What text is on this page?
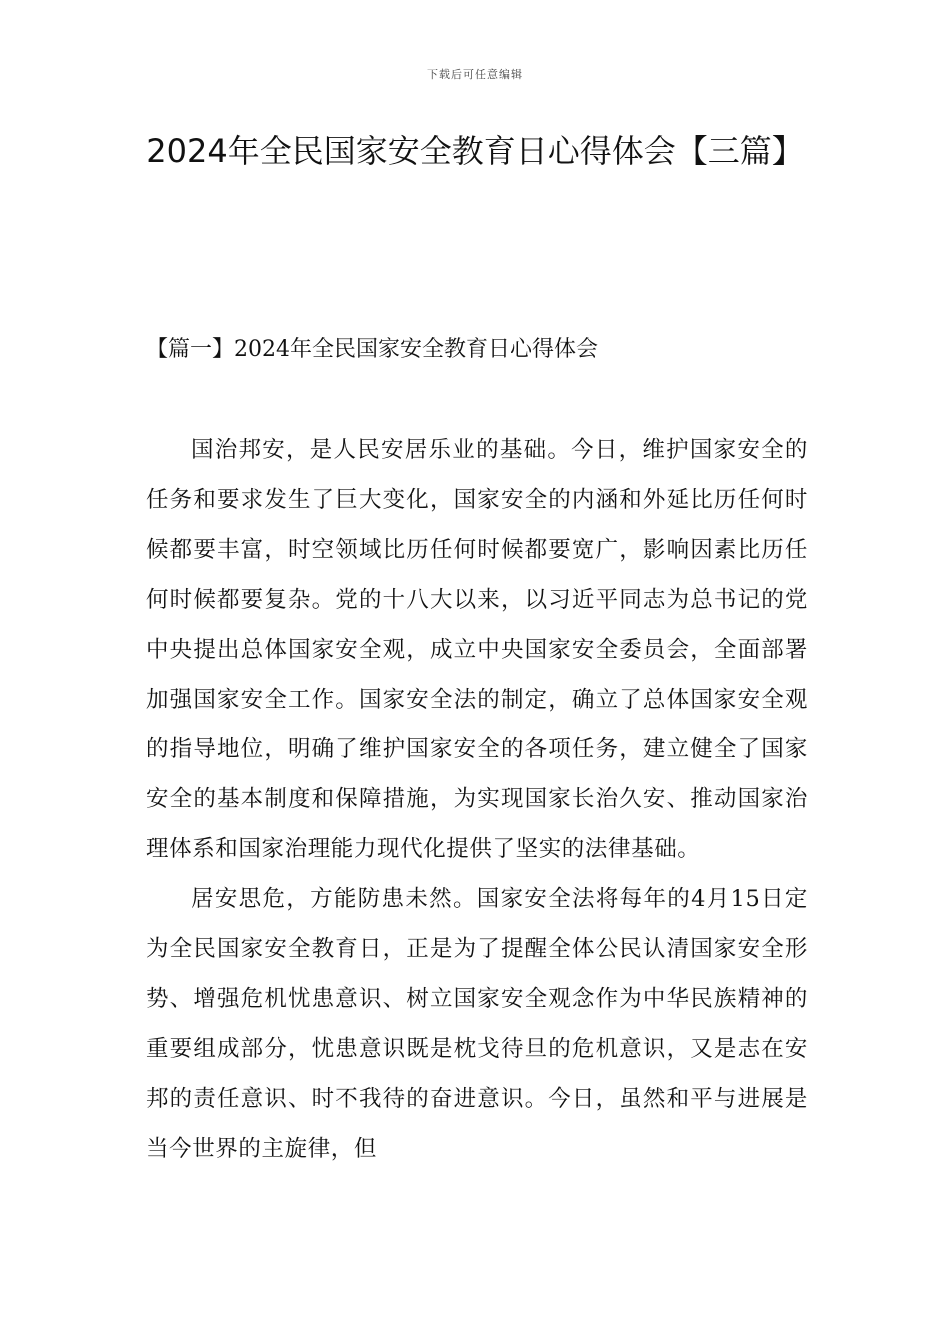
下载后可任意编辑
2024年全民国家安全教育日心得体会【三篇】
【篇一】2024年全民国家安全教育日心得体会

国治邦安，是人民安居乐业的基础。今日，维护国家安全的任务和要求发生了巨大变化，国家安全的内涵和外延比历任何时候都要丰富，时空领域比历任何时候都要宽广，影响因素比历任何时候都要复杂。党的十八大以来，以习近平同志为总书记的党中央提出总体国家安全观，成立中央国家安全委员会，全面部署加强国家安全工作。国家安全法的制定，确立了总体国家安全观的指导地位，明确了维护国家安全的各项任务，建立健全了国家安全的基本制度和保障措施，为实现国家长治久安、推动国家治理体系和国家治理能力现代化提供了坚实的法律基础。

居安思危，方能防患未然。国家安全法将每年的4月15日定为全民国家安全教育日，正是为了提醒全体公民认清国家安全形势、增强危机忧患意识、树立国家安全观念作为中华民族精神的重要组成部分，忧患意识既是枕戈待旦的危机意识，又是志在安邦的责任意识、时不我待的奋进意识。今日，虽然和平与进展是当今世界的主旋律，但
